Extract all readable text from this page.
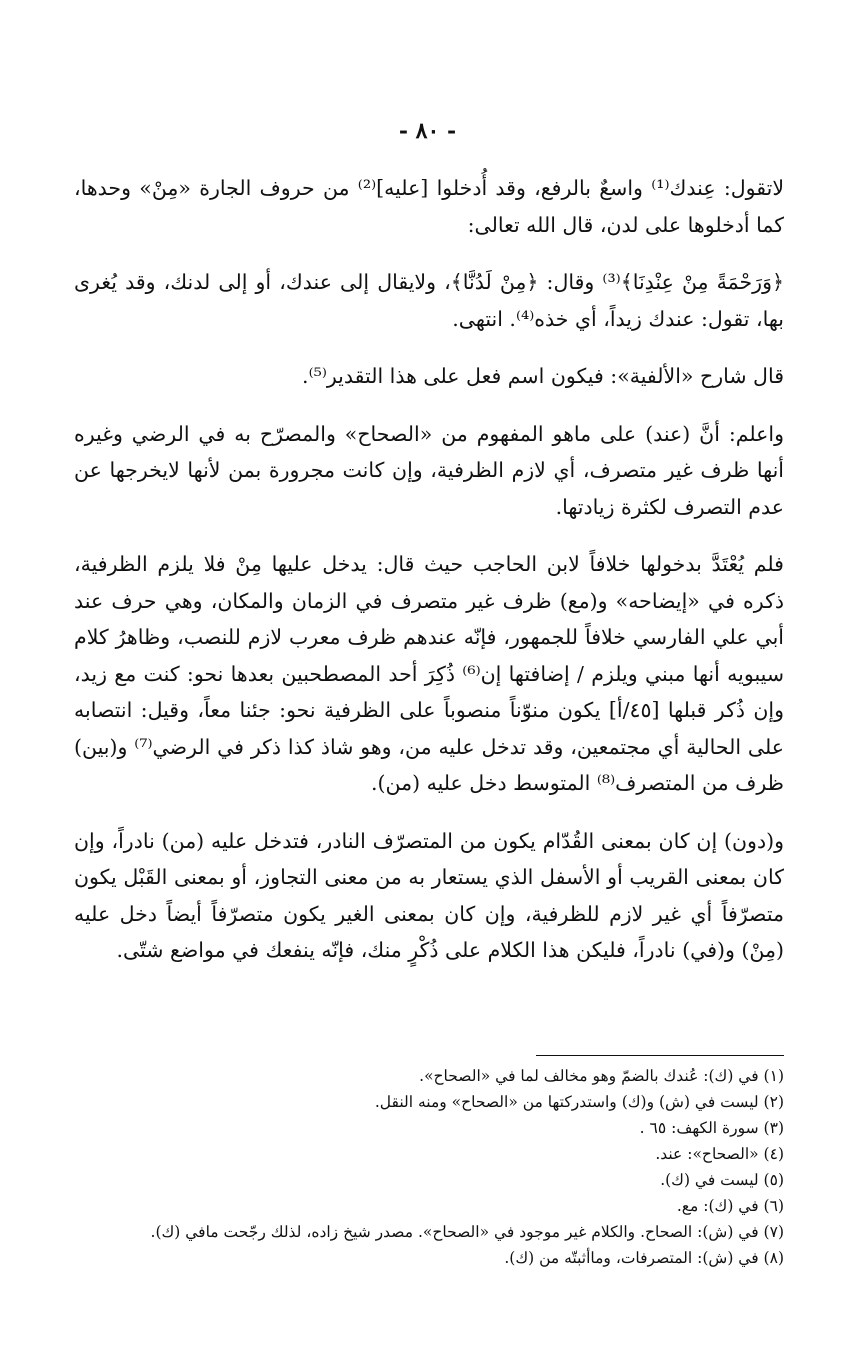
- ٨٠ -

لاتقول: عِندك⁽¹⁾ واسعٌ بالرفع، وقد أُدخلوا [عليه]⁽²⁾ من حروف الجارة «مِنْ» وحدها، كما أدخلوها على لدن، قال الله تعالى:

﴿وَرَحْمَةً مِنْ عِنْدِنَا﴾⁽³⁾ وقال: ﴿مِنْ لَدُنَّا﴾، ولايقال إلى عندك، أو إلى لدنك، وقد يُغرى بها، تقول: عندك زيداً، أي خذه⁽⁴⁾. انتهى.

قال شارح «الألفية»: فيكون اسم فعل على هذا التقدير⁽⁵⁾.

واعلم: أنَّ (عند) على ماهو المفهوم من «الصحاح» والمصرّح به في الرضي وغيره أنها ظرف غير متصرف، أي لازم الظرفية، وإن كانت مجرورة بمن لأنها لايخرجها عن عدم التصرف لكثرة زيادتها.

فلم يُعْتَدَّ بدخولها خلافاً لابن الحاجب حيث قال: يدخل عليها مِنْ فلا يلزم الظرفية، ذكره في «إيضاحه» و(مع) ظرف غير متصرف في الزمان والمكان، وهي حرف عند أبي علي الفارسي خلافاً للجمهور، فإنّه عندهم ظرف معرب لازم للنصب، وظاهرُ كلام سيبويه أنها مبني ويلزم / إضافتها إن⁽⁶⁾ ذُكِرَ أحد المصطحبين بعدها نحو: كنت مع زيد، وإن ذُكر قبلها [٤٥/أ] يكون منوّناً منصوباً على الظرفية نحو: جئنا معاً، وقيل: انتصابه على الحالية أي مجتمعين، وقد تدخل عليه من، وهو شاذ كذا ذكر في الرضي⁽⁷⁾ و(بين) ظرف من المتصرف⁽⁸⁾ المتوسط دخل عليه (من).

و(دون) إن كان بمعنى القُدّام يكون من المتصرّف النادر، فتدخل عليه (من) نادراً، وإن كان بمعنى القريب أو الأسفل الذي يستعار به من معنى التجاوز، أو بمعنى القَبْل يكون متصرّفاً أي غير لازم للظرفية، وإن كان بمعنى الغير يكون متصرّفاً أيضاً دخل عليه (مِنْ) و(في) نادراً، فليكن هذا الكلام على ذُكْرٍ منك، فإنّه ينفعك في مواضع شتّى.

(١) في (ك): عُندك بالضمّ وهو مخالف لما في «الصحاح».

(٢) ليست في (ش) و(ك) واستدركتها من «الصحاح» ومنه النقل.

(٣) سورة الكهف: ٦٥ .

(٤) «الصحاح»: عند.

(٥) ليست في (ك).

(٦) في (ك): مع.

(٧) في (ش): الصحاح. والكلام غير موجود في «الصحاح». مصدر شيخ زاده، لذلك رجّحت مافي (ك).

(٨) في (ش): المتصرفات، وماأثبتّه من (ك).
